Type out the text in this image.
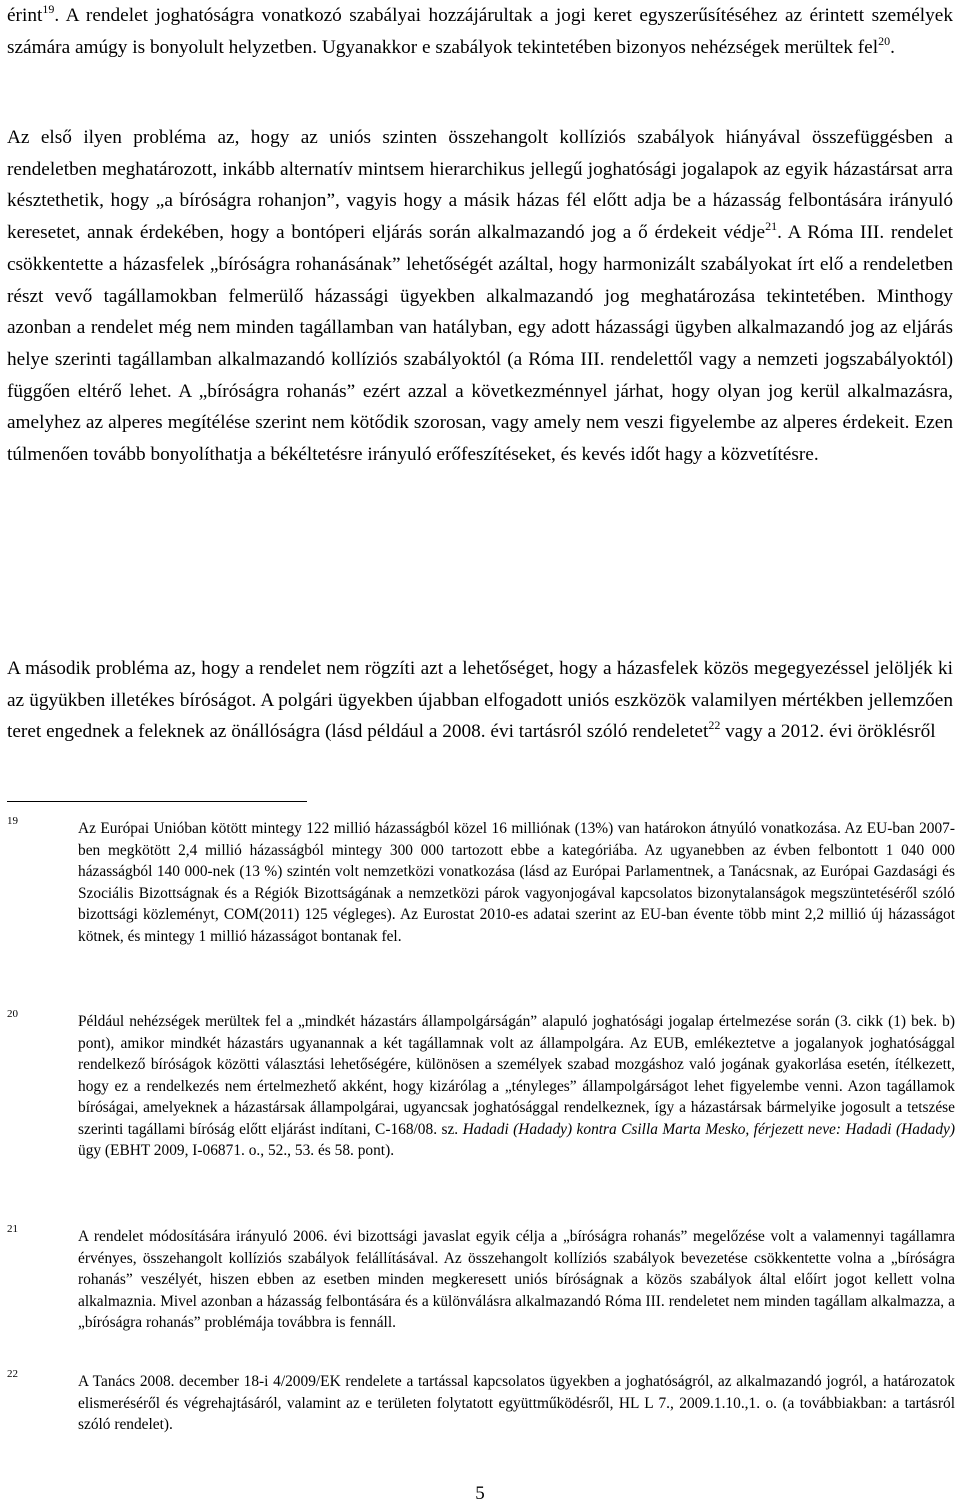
érint$^{19}$. A rendelet joghatóságra vonatkozó szabályai hozzájárultak a jogi keret egyszerűsítéséhez az érintett személyek számára amúgy is bonyolult helyzetben. Ugyanakkor e szabályok tekintetében bizonyos nehézségek merültek fel$^{20}$.

Az első ilyen probléma az, hogy az uniós szinten összehangolt kollíziós szabályok hiányával összefüggésben a rendeletben meghatározott, inkább alternatív mintsem hierarchikus jellegű joghatósági jogalapok az egyik házastársat arra késztethetik, hogy „a bíróságra rohanjon”, vagyis hogy a másik házas fél előtt adja be a házasság felbontására irányuló keresetet, annak érdekében, hogy a bontóperi eljárás során alkalmazandó jog a ő érdekeit védje$^{21}$. A Róma III. rendelet csökkentette a házasfelek „bíróságra rohanásának” lehetőségét azáltal, hogy harmonizált szabályokat írt elő a rendeletben részt vevő tagállamokban felmerülő házassági ügyekben alkalmazandó jog meghatározása tekintetében. Minthogy azonban a rendelet még nem minden tagállamban van hatályban, egy adott házassági ügyben alkalmazandó jog az eljárás helye szerinti tagállamban alkalmazandó kollíziós szabályoktól (a Róma III. rendelettől vagy a nemzeti jogszabályoktól) függően eltérő lehet. A „bíróságra rohanás” ezért azzal a következménnyel járhat, hogy olyan jog kerül alkalmazásra, amelyhez az alperes megítélése szerint nem kötődik szorosan, vagy amely nem veszi figyelembe az alperes érdekeit. Ezen túlmenően tovább bonyolíthatja a békéltetésre irányuló erőfeszítéseket, és kevés időt hagy a közvetítésre.

A második probléma az, hogy a rendelet nem rögzíti azt a lehetőséget, hogy a házasfelek közös megegyezéssel jelöljék ki az ügyükben illetékes bíróságot. A polgári ügyekben újabban elfogadott uniós eszközök valamilyen mértékben jellemzően teret engednek a feleknek az önállóságra (lásd például a 2008. évi tartásról szóló rendeletet$^{22}$ vagy a 2012. évi öröklésről

19	Az Európai Unióban kötött mintegy 122 millió házasságból közel 16 milliónak (13%) van határokon átnyúló vonatkozása. Az EU-ban 2007-ben megkötött 2,4 millió házasságból mintegy 300 000 tartozott ebbe a kategóriába. Az ugyanebben az évben felbontott 1 040 000 házasságból 140 000-nek (13 %) szintén volt nemzetközi vonatkozása (lásd az Európai Parlamentnek, a Tanácsnak, az Európai Gazdasági és Szociális Bizottságnak és a Régiók Bizottságának a nemzetközi párok vagyonjogával kapcsolatos bizonytalanságok megszüntetéséről szóló bizottsági közleményt, COM(2011) 125 végleges). Az Eurostat 2010-es adatai szerint az EU-ban évente több mint 2,2 millió új házasságot kötnek, és mintegy 1 millió házasságot bontanak fel.
20	Például nehézségek merültek fel a „mindkét házastárs állampolgárságán” alapuló joghatósági jogalap értelmezése során (3. cikk (1) bek. b) pont), amikor mindkét házastárs ugyanannak a két tagállamnak volt az állampolgára. Az EUB, emlékeztetve a jogalanyok joghatósággal rendelkező bíróságok közötti választási lehetőségére, különösen a személyek szabad mozgáshoz való jogának gyakorlása esetén, ítélkezett, hogy ez a rendelkezés nem értelmezhető akként, hogy kizárólag a „tényleges” állampolgárságot lehet figyelembe venni. Azon tagállamok bíróságai, amelyeknek a házastársak állampolgárai, ugyancsak joghatósággal rendelkeznek, így a házastársak bármelyike jogosult a tetszése szerinti tagállami bíróság előtt eljárást indítani, C-168/08. sz. Hadadi (Hadady) kontra Csilla Marta Mesko, férjezett neve: Hadadi (Hadady) ügy (EBHT 2009, I-06871. o., 52., 53. és 58. pont).
21	A rendelet módosítására irányuló 2006. évi bizottsági javaslat egyik célja a „bíróságra rohanás” megelőzése volt a valamennyi tagállamra érvényes, összehangolt kollíziós szabályok felállításával. Az összehangolt kollíziós szabályok bevezetése csökkentette volna a „bíróságra rohanás” veszélyét, hiszen ebben az esetben minden megkeresett uniós bíróságnak a közös szabályok által előírt jogot kellett volna alkalmaznia. Mivel azonban a házasság felbontására és a különválásra alkalmazandó Róma III. rendeletet nem minden tagállam alkalmazza, a „bíróságra rohanás” problémája továbbra is fennáll.
22	A Tanács 2008. december 18-i 4/2009/EK rendelete a tartással kapcsolatos ügyekben a joghatóságról, az alkalmazandó jogról, a határozatok elismeréséről és végrehajtásáról, valamint az e területen folytatott együttműködésről, HL L 7., 2009.1.10.,1. o. (a továbbiakban: a tartásról szóló rendelet).
5
